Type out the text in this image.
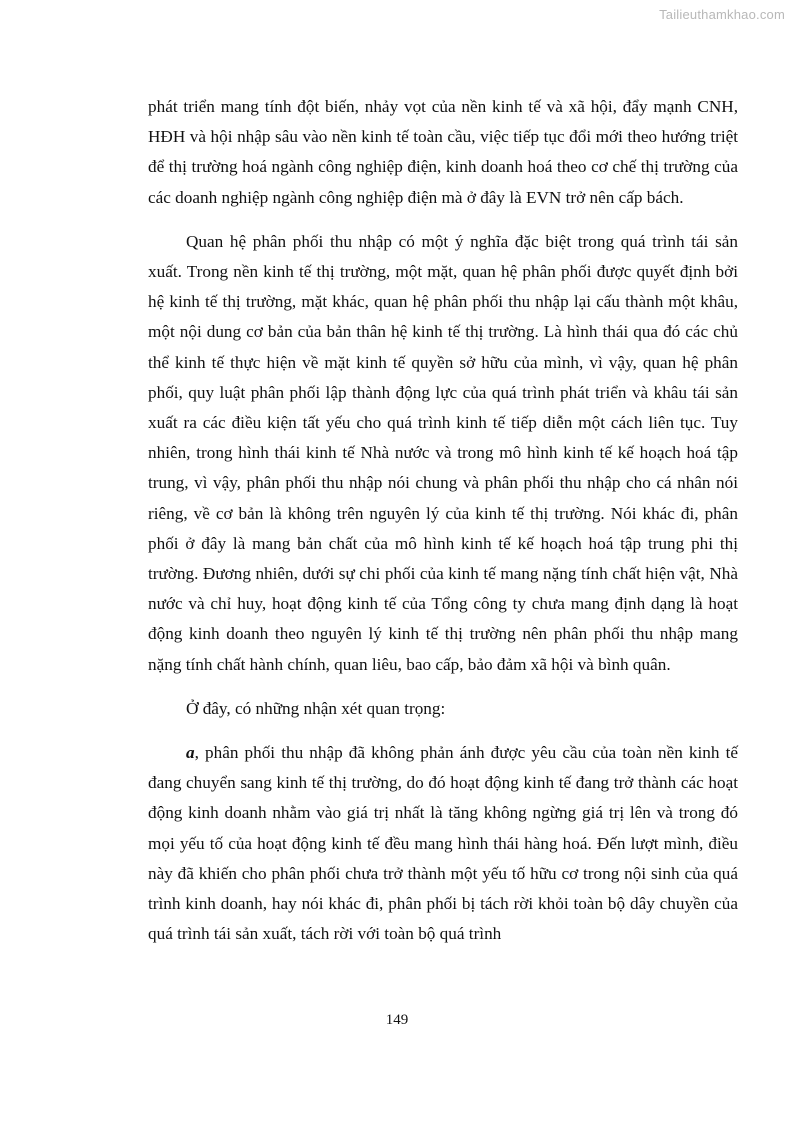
Tailieuthamkhao.com

phát triển mang tính đột biến, nhảy vọt của nền kinh tế và xã hội, đẩy mạnh CNH, HĐH và hội nhập sâu vào nền kinh tế toàn cầu, việc tiếp tục đổi mới theo hướng triệt để thị trường hoá ngành công nghiệp điện, kinh doanh hoá theo cơ chế thị trường của các doanh nghiệp ngành công nghiệp điện mà ở đây là EVN trở nên cấp bách.

Quan hệ phân phối thu nhập có một ý nghĩa đặc biệt trong quá trình tái sản xuất. Trong nền kinh tế thị trường, một mặt, quan hệ phân phối được quyết định bởi hệ kinh tế thị trường, mặt khác, quan hệ phân phối thu nhập lại cấu thành một khâu, một nội dung cơ bản của bản thân hệ kinh tế thị trường. Là hình thái qua đó các chủ thể kinh tế thực hiện về mặt kinh tế quyền sở hữu của mình, vì vậy, quan hệ phân phối, quy luật phân phối lập thành động lực của quá trình phát triển và khâu tái sản xuất ra các điều kiện tất yếu cho quá trình kinh tế tiếp diễn một cách liên tục. Tuy nhiên, trong hình thái kinh tế Nhà nước và trong mô hình kinh tế kế hoạch hoá tập trung, vì vậy, phân phối thu nhập nói chung và phân phối thu nhập cho cá nhân nói riêng, về cơ bản là không trên nguyên lý của kinh tế thị trường. Nói khác đi, phân phối ở đây là mang bản chất của mô hình kinh tế kế hoạch hoá tập trung phi thị trường. Đương nhiên, dưới sự chi phối của kinh tế mang nặng tính chất hiện vật, Nhà nước và chỉ huy, hoạt động kinh tế của Tổng công ty chưa mang định dạng là hoạt động kinh doanh theo nguyên lý kinh tế thị trường nên phân phối thu nhập mang nặng tính chất hành chính, quan liêu, bao cấp, bảo đảm xã hội và bình quân.

Ở đây, có những nhận xét quan trọng:

a, phân phối thu nhập đã không phản ánh được yêu cầu của toàn nền kinh tế đang chuyển sang kinh tế thị trường, do đó hoạt động kinh tế đang trở thành các hoạt động kinh doanh nhằm vào giá trị nhất là tăng không ngừng giá trị lên và trong đó mọi yếu tố của hoạt động kinh tế đều mang hình thái hàng hoá. Đến lượt mình, điều này đã khiến cho phân phối chưa trở thành một yếu tố hữu cơ trong nội sinh của quá trình kinh doanh, hay nói khác đi, phân phối bị tách rời khỏi toàn bộ dây chuyền của quá trình tái sản xuất, tách rời với toàn bộ quá trình

149
